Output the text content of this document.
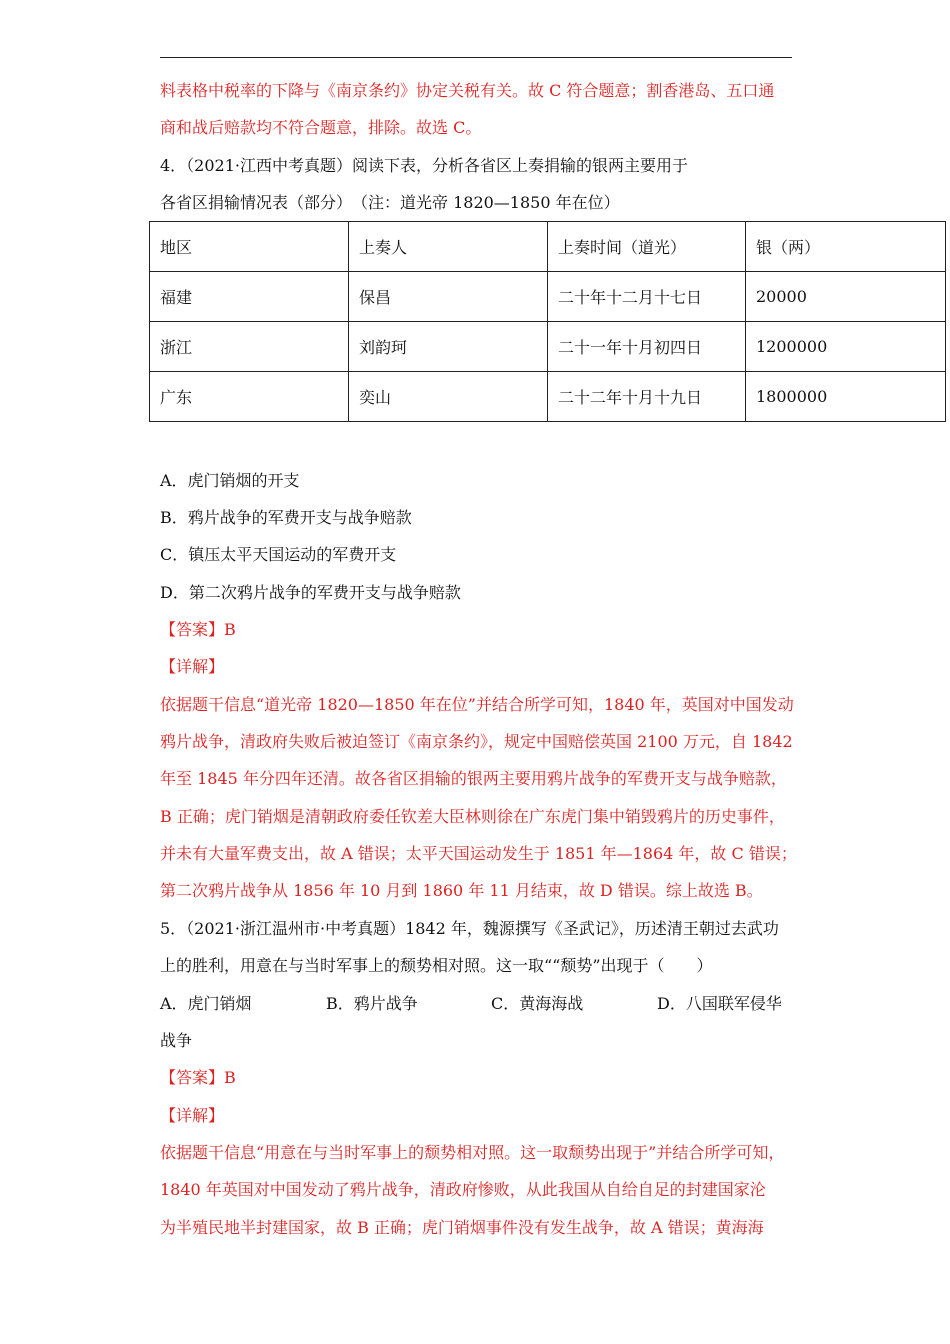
料表格中税率的下降与《南京条约》协定关税有关。故 C 符合题意；割香港岛、五口通
商和战后赔款均不符合题意，排除。故选 C。
4．（2021·江西中考真题）阅读下表，分析各省区上奏捐输的银两主要用于
各省区捐输情况表（部分）　（注：道光帝 1820—1850 年在位）
地区	上奏人	上奏时间（道光）	银（两）
福建	保昌	二十年十二月十七日	20000
浙江	刘韵珂	二十一年十月初四日	1200000
广东	奕山	二十二年十月十九日	1800000
A．虎门销烟的开支
B．鸦片战争的军费开支与战争赔款
C．镇压太平天国运动的军费开支
D．第二次鸦片战争的军费开支与战争赔款
【答案】B
【详解】
依据题干信息“道光帝 1820—1850 年在位”并结合所学可知，1840 年，英国对中国发动
鸦片战争，清政府失败后被迫签订《南京条约》，规定中国赔偿英国 2100 万元，自 1842
年至 1845 年分四年还清。故各省区捐输的银两主要用鸦片战争的军费开支与战争赔款，
B 正确；虎门销烟是清朝政府委任钦差大臣林则徐在广东虎门集中销毁鸦片的历史事件，
并未有大量军费支出，故 A 错误；太平天国运动发生于 1851 年—1864 年，故 C 错误；
第二次鸦片战争从 1856 年 10 月到 1860 年 11 月结束，故 D 错误。综上故选 B。
5．（2021·浙江温州市·中考真题）1842 年，魏源撰写《圣武记》，历述清王朝过去武功
上的胜利，用意在与当时军事上的颓势相对照。这一取““颓势”出现于（　　）
A．虎门销烟	B．鸦片战争	C．黄海海战	D．八国联军侵华
战争
【答案】B
【详解】
依据题干信息“用意在与当时军事上的颓势相对照。这一取颓势出现于”并结合所学可知，
1840 年英国对中国发动了鸦片战争，清政府惨败，从此我国从自给自足的封建国家沦
为半殖民地半封建国家，故 B 正确；虎门销烟事件没有发生战争，故 A 错误；黄海海
